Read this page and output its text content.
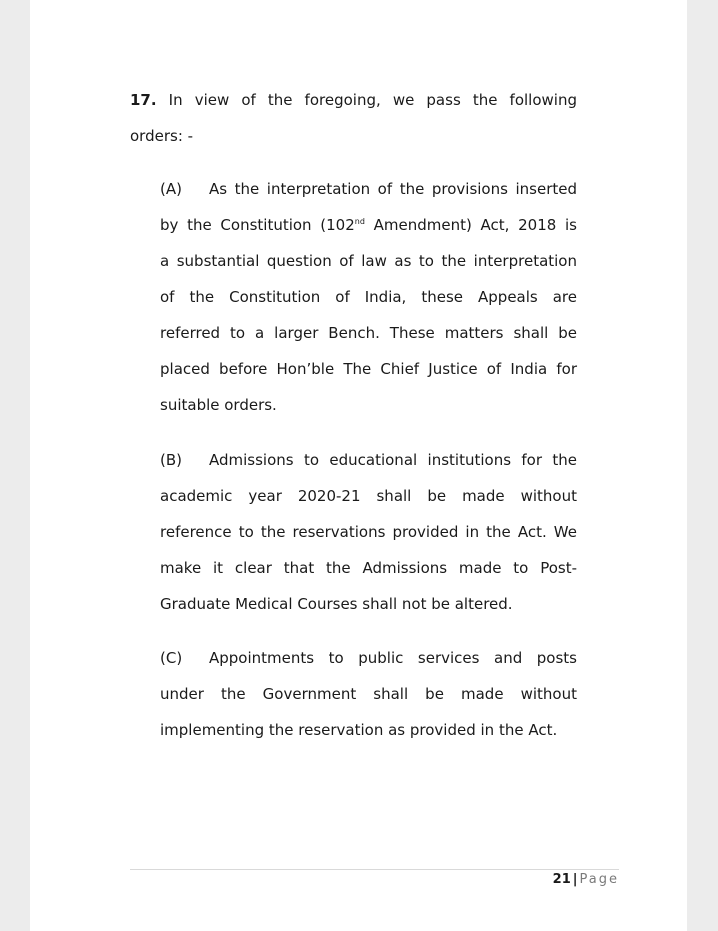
17. In view of the foregoing, we pass the following
orders: -
(A) As the interpretation of the provisions inserted
by the Constitution (102nd Amendment) Act, 2018 is
a substantial question of law as to the interpretation
of the Constitution of India, these Appeals are
referred to a larger Bench. These matters shall be
placed before Hon’ble The Chief Justice of India for
suitable orders.
(B) Admissions to educational institutions for the
academic year 2020-21 shall be made without
reference to the reservations provided in the Act. We
make it clear that the Admissions made to Post-
Graduate Medical Courses shall not be altered.
(C) Appointments to public services and posts
under the Government shall be made without
implementing the reservation as provided in the Act.
21 | Page
